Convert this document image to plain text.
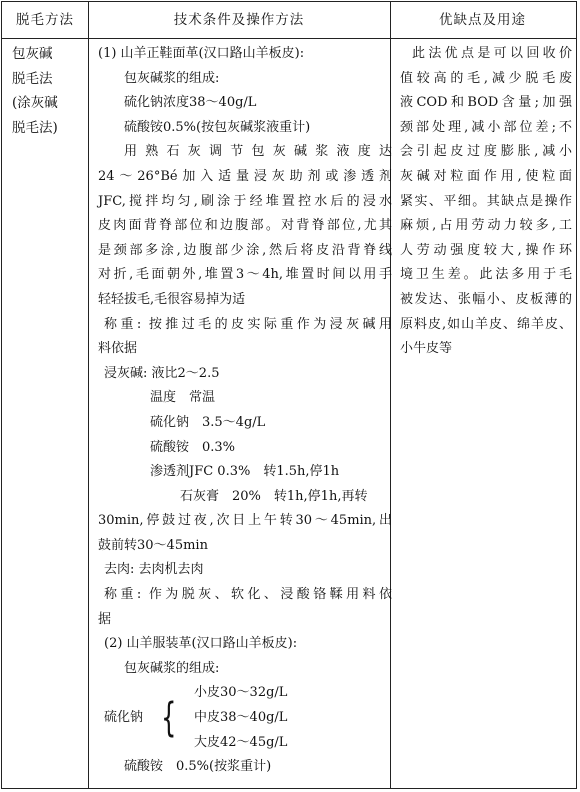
脱毛方法	技术条件及操作方法	优缺点及用途
包灰碱
脱毛法
(涂灰碱
脱毛法)
(1) 山羊正鞋面革(汉口路山羊板皮):
包灰碱浆的组成:
硫化钠浓度38～40g/L
硫酸铵0.5%(按包灰碱浆液重计)
用熟石灰调节包灰碱浆液度达
24～26°Bé加入适量浸灰助剂或渗透剂
JFC,搅拌均匀,刷涂于经堆置控水后的浸水
皮肉面背脊部位和边腹部。对背脊部位,尤其
是颈部多涂,边腹部少涂,然后将皮沿背脊线
对折,毛面朝外,堆置3～4h,堆置时间以用手
轻轻拔毛,毛很容易掉为适
称重: 按推过毛的皮实际重作为浸灰碱用
料依据
浸灰碱: 液比2～2.5
温度　常温
硫化钠　3.5～4g/L
硫酸铵　0.3%
渗透剂JFC 0.3%　转1.5h,停1h
石灰膏　20%　转1h,停1h,再转
30min,停鼓过夜,次日上午转30～45min,出
鼓前转30～45min
去肉: 去肉机去肉
称重: 作为脱灰、软化、浸酸铬鞣用料依
据
(2) 山羊服装革(汉口路山羊板皮):
包灰碱浆的组成:
硫化钠 {
小皮30～32g/L
中皮38～40g/L
大皮42～45g/L
硫酸铵　0.5%(按浆重计)
此法优点是可以回收价
值较高的毛,减少脱毛废
液COD和BOD含量;加强
颈部处理,减小部位差;不
会引起皮过度膨胀,减小
灰碱对粒面作用,使粒面
紧实、平细。其缺点是操作
麻烦,占用劳动力较多,工
人劳动强度较大,操作环
境卫生差。此法多用于毛
被发达、张幅小、皮板薄的
原料皮,如山羊皮、绵羊皮、
小牛皮等
